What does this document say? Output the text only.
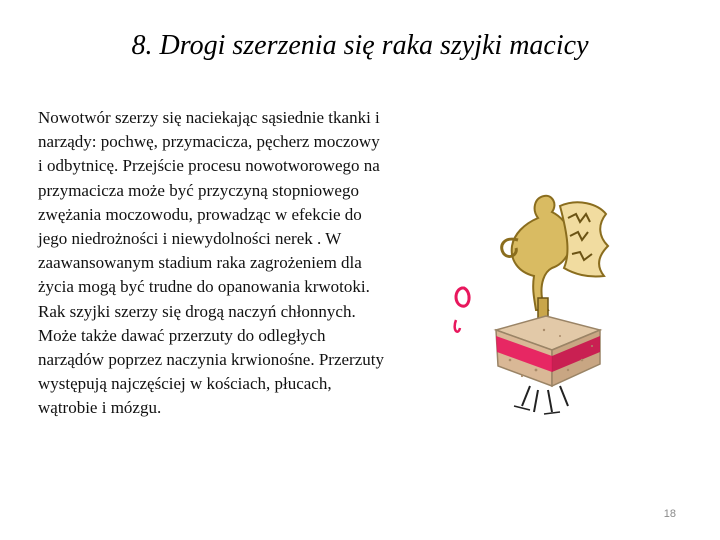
8. Drogi szerzenia się raka szyjki macicy

Nowotwór szerzy się naciekając sąsiednie tkanki i narządy: pochwę, przymacicza, pęcherz moczowy i odbytnicę. Przejście procesu nowotworowego na przymacicza może być przyczyną stopniowego zwężania moczowodu, prowadząc w efekcie do jego niedrożności i niewydolności nerek . W zaawansowanym stadium raka zagrożeniem dla życia mogą być trudne do opanowania krwotoki. Rak szyjki szerzy się drogą naczyń chłonnych. Może także dawać przerzuty do odległych narządów poprzez naczynia krwionośne. Przerzuty występują najczęściej w kościach, płucach, wątrobie i mózgu.

18
